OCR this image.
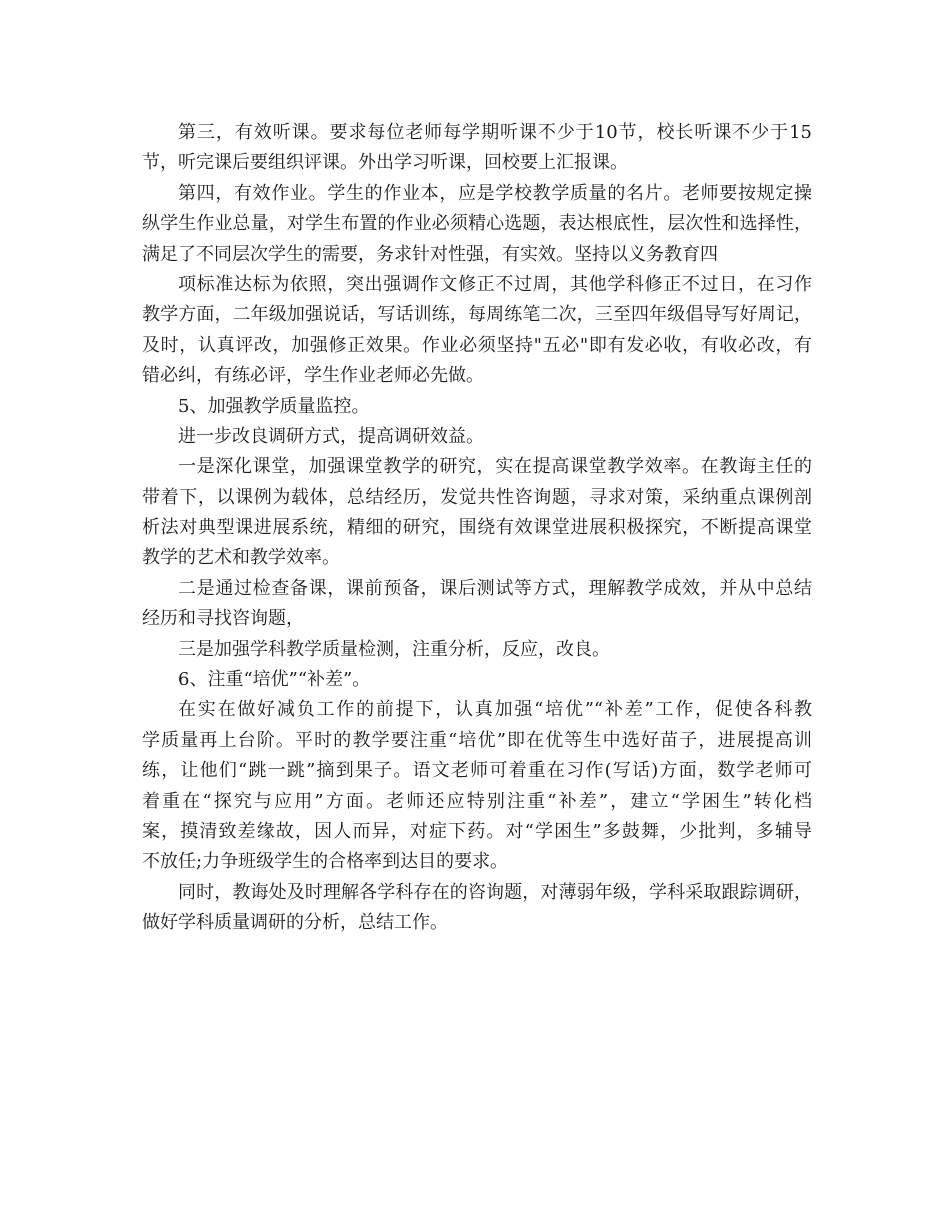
第三，有效听课。要求每位老师每学期听课不少于10节，校长听课不少于15
节，听完课后要组织评课。外出学习听课，回校要上汇报课。
第四，有效作业。学生的作业本，应是学校教学质量的名片。老师要按规定操
纵学生作业总量，对学生布置的作业必须精心选题，表达根底性，层次性和选择性，
满足了不同层次学生的需要，务求针对性强，有实效。坚持以义务教育四
项标准达标为依照，突出强调作文修正不过周，其他学科修正不过日，在习作
教学方面，二年级加强说话，写话训练，每周练笔二次，三至四年级倡导写好周记，
及时，认真评改，加强修正效果。作业必须坚持"五必"即有发必收，有收必改，有
错必纠，有练必评，学生作业老师必先做。
5、加强教学质量监控。
进一步改良调研方式，提高调研效益。
一是深化课堂，加强课堂教学的研究，实在提高课堂教学效率。在教诲主任的
带着下，以课例为载体，总结经历，发觉共性咨询题，寻求对策，采纳重点课例剖
析法对典型课进展系统，精细的研究，围绕有效课堂进展积极探究，不断提高课堂
教学的艺术和教学效率。
二是通过检查备课，课前预备，课后测试等方式，理解教学成效，并从中总结
经历和寻找咨询题，
三是加强学科教学质量检测，注重分析，反应，改良。
6、注重“培优”“补差”。
在实在做好减负工作的前提下，认真加强“培优”“补差”工作，促使各科教
学质量再上台阶。平时的教学要注重“培优”即在优等生中选好苗子，进展提高训
练，让他们“跳一跳”摘到果子。语文老师可着重在习作(写话)方面，数学老师可
着重在“探究与应用”方面。老师还应特别注重“补差”，建立“学困生”转化档
案，摸清致差缘故，因人而异，对症下药。对“学困生”多鼓舞，少批判，多辅导
不放任;力争班级学生的合格率到达目的要求。
同时，教诲处及时理解各学科存在的咨询题，对薄弱年级，学科采取跟踪调研，
做好学科质量调研的分析，总结工作。
